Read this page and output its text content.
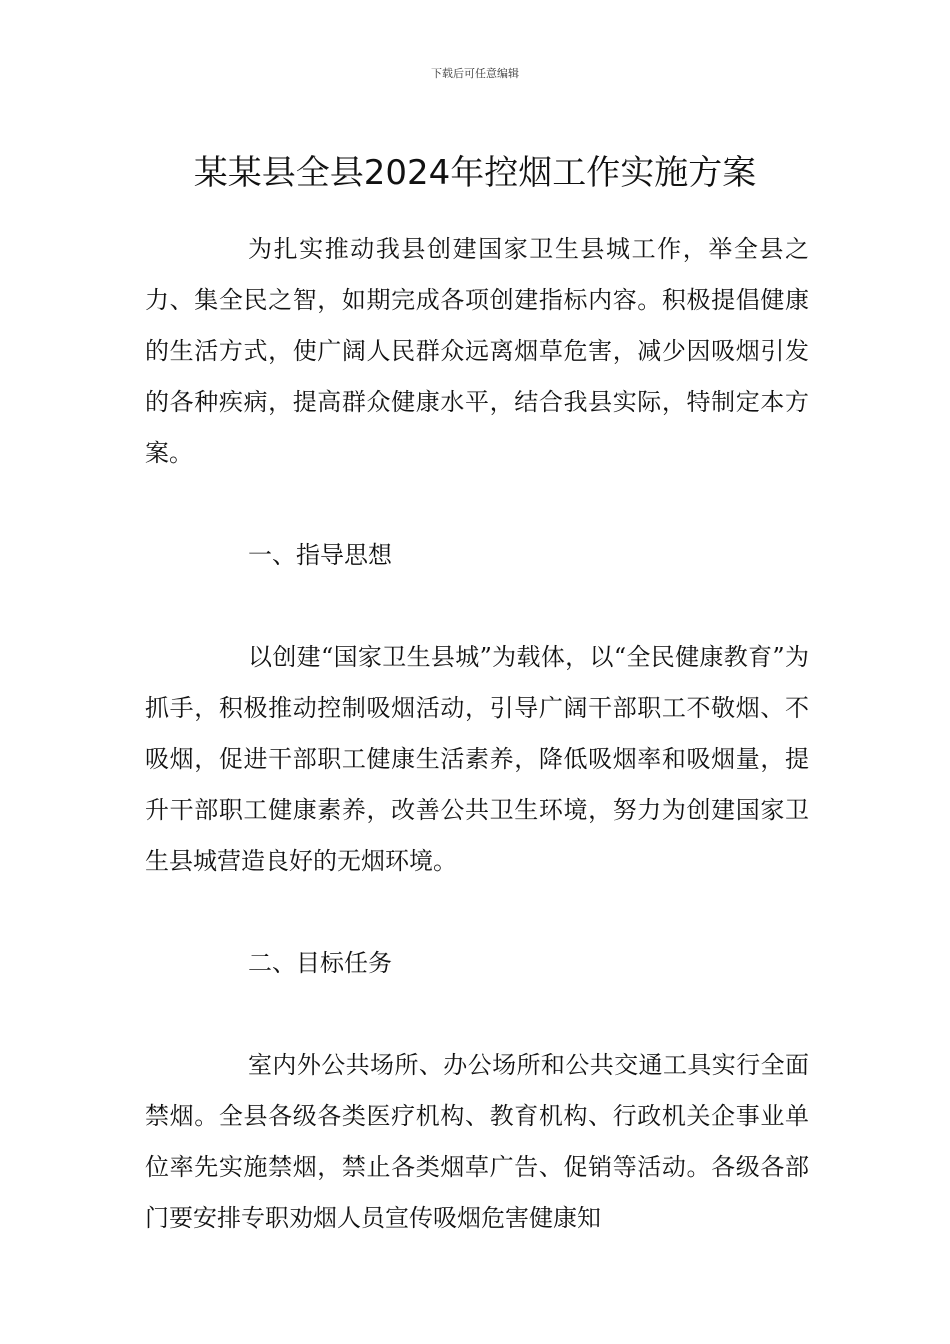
下载后可任意编辑
某某县全县2024年控烟工作实施方案

为扎实推动我县创建国家卫生县城工作，举全县之力、集全民之智，如期完成各项创建指标内容。积极提倡健康的生活方式，使广阔人民群众远离烟草危害，减少因吸烟引发的各种疾病，提高群众健康水平，结合我县实际，特制定本方案。

一、指导思想

以创建“国家卫生县城”为载体，以“全民健康教育”为抓手，积极推动控制吸烟活动，引导广阔干部职工不敬烟、不吸烟，促进干部职工健康生活素养，降低吸烟率和吸烟量，提升干部职工健康素养，改善公共卫生环境，努力为创建国家卫生县城营造良好的无烟环境。

二、目标任务

室内外公共场所、办公场所和公共交通工具实行全面禁烟。全县各级各类医疗机构、教育机构、行政机关企事业单位率先实施禁烟，禁止各类烟草广告、促销等活动。各级各部门要安排专职劝烟人员宣传吸烟危害健康知
